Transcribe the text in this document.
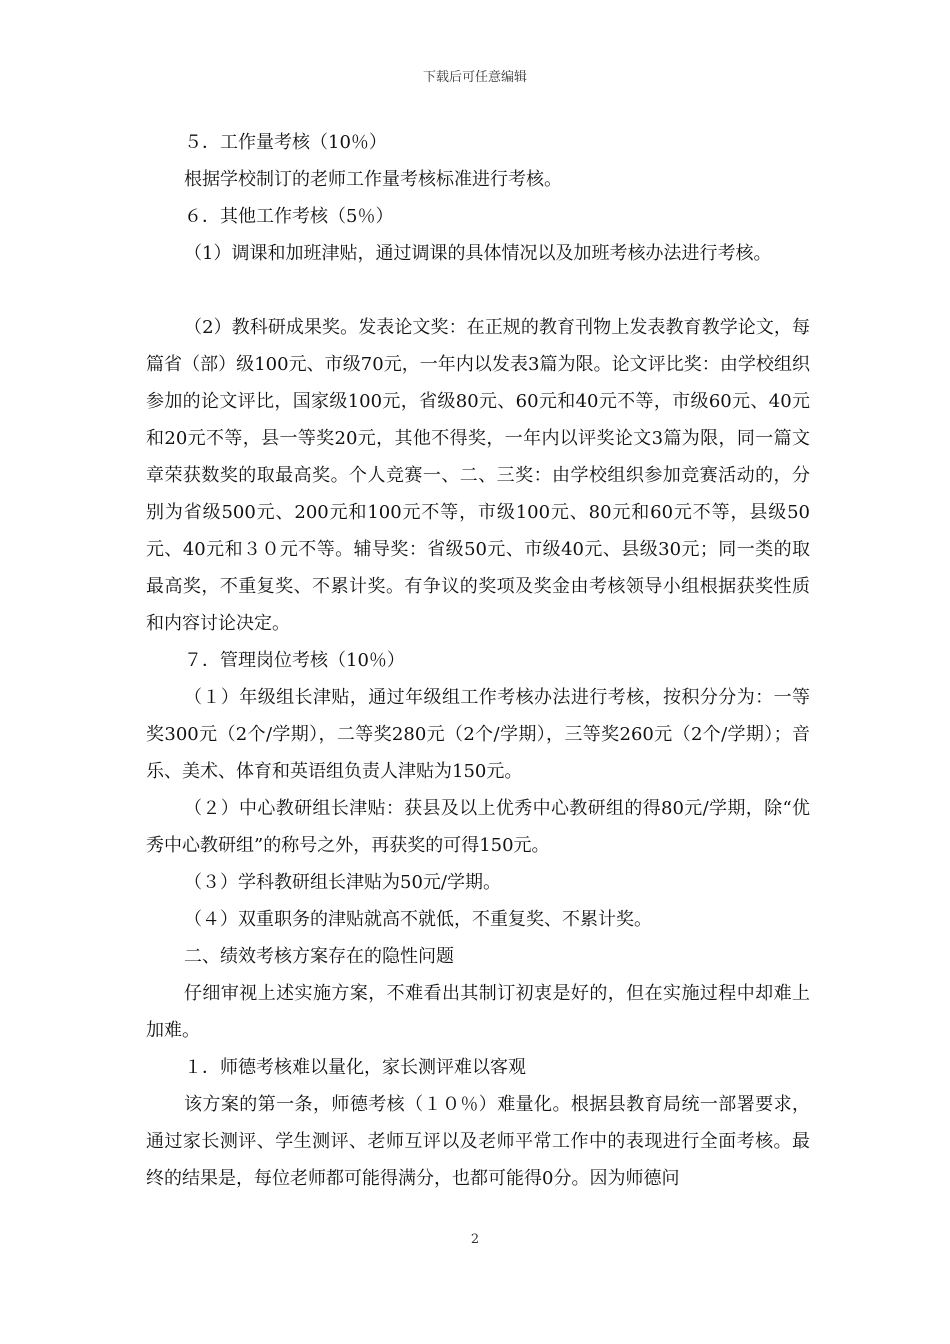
下载后可任意编辑

５．工作量考核（10％）

根据学校制订的老师工作量考核标准进行考核。

６．其他工作考核（5％）

（1）调课和加班津贴，通过调课的具体情况以及加班考核办法进行考核。

（2）教科研成果奖。发表论文奖：在正规的教育刊物上发表教育教学论文，每篇省（部）级100元、市级70元，一年内以发表3篇为限。论文评比奖：由学校组织参加的论文评比，国家级100元，省级80元、60元和40元不等，市级60元、40元和20元不等，县一等奖20元，其他不得奖，一年内以评奖论文3篇为限，同一篇文章荣获数奖的取最高奖。个人竞赛一、二、三奖：由学校组织参加竞赛活动的，分别为省级500元、200元和100元不等，市级100元、80元和60元不等，县级50元、40元和３０元不等。辅导奖：省级50元、市级40元、县级30元；同一类的取最高奖，不重复奖、不累计奖。有争议的奖项及奖金由考核领导小组根据获奖性质和内容讨论决定。

７．管理岗位考核（10％）

（１）年级组长津贴，通过年级组工作考核办法进行考核，按积分分为：一等奖300元（2个/学期），二等奖280元（2个/学期），三等奖260元（2个/学期）；音乐、美术、体育和英语组负责人津贴为150元。

（２）中心教研组长津贴：获县及以上优秀中心教研组的得80元/学期，除“优秀中心教研组”的称号之外，再获奖的可得150元。

（３）学科教研组长津贴为50元/学期。

（４）双重职务的津贴就高不就低，不重复奖、不累计奖。

二、绩效考核方案存在的隐性问题

仔细审视上述实施方案，不难看出其制订初衷是好的，但在实施过程中却难上加难。

１．师德考核难以量化，家长测评难以客观

该方案的第一条，师德考核（１０％）难量化。根据县教育局统一部署要求，通过家长测评、学生测评、老师互评以及老师平常工作中的表现进行全面考核。最终的结果是，每位老师都可能得满分，也都可能得0分。因为师德问

2
